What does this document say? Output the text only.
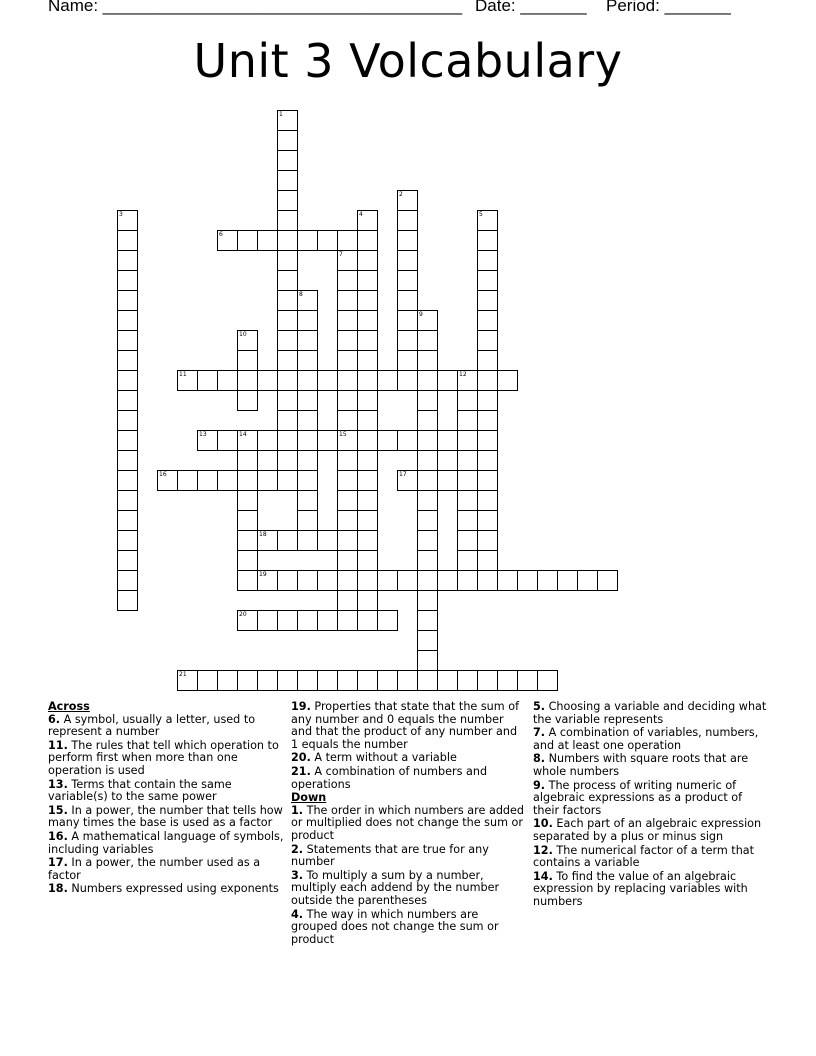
Name: ______________________________________

Date: _______

Period: _______

Unit 3 Volcabulary
1
2
3	4	5
6
7
15
8
9
10
11	12
13	14
16	17
18
19
20
21
Across
6. A symbol, usually a letter, used to represent a number
11. The rules that tell which operation to perform first when more than one operation is used
13. Terms that contain the same variable(s) to the same power
15. In a power, the number that tells how many times the base is used as a factor
16. A mathematical language of symbols, including variables
17. In a power, the number used as a factor
18. Numbers expressed using exponents
19. Properties that state that the sum of any number and 0 equals the number and that the product of any number and 1 equals the number
20. A term without a variable
21. A combination of numbers and operations
Down
1. The order in which numbers are added or multiplied does not change the sum or product
2. Statements that are true for any number
3. To multiply a sum by a number, multiply each addend by the number outside the parentheses
4. The way in which numbers are grouped does not change the sum or product
5. Choosing a variable and deciding what the variable represents
7. A combination of variables, numbers, and at least one operation
8. Numbers with square roots that are whole numbers
9. The process of writing numeric of algebraic expressions as a product of their factors
10. Each part of an algebraic expression separated by a plus or minus sign
12. The numerical factor of a term that contains a variable
14. To find the value of an algebraic expression by replacing variables with numbers
